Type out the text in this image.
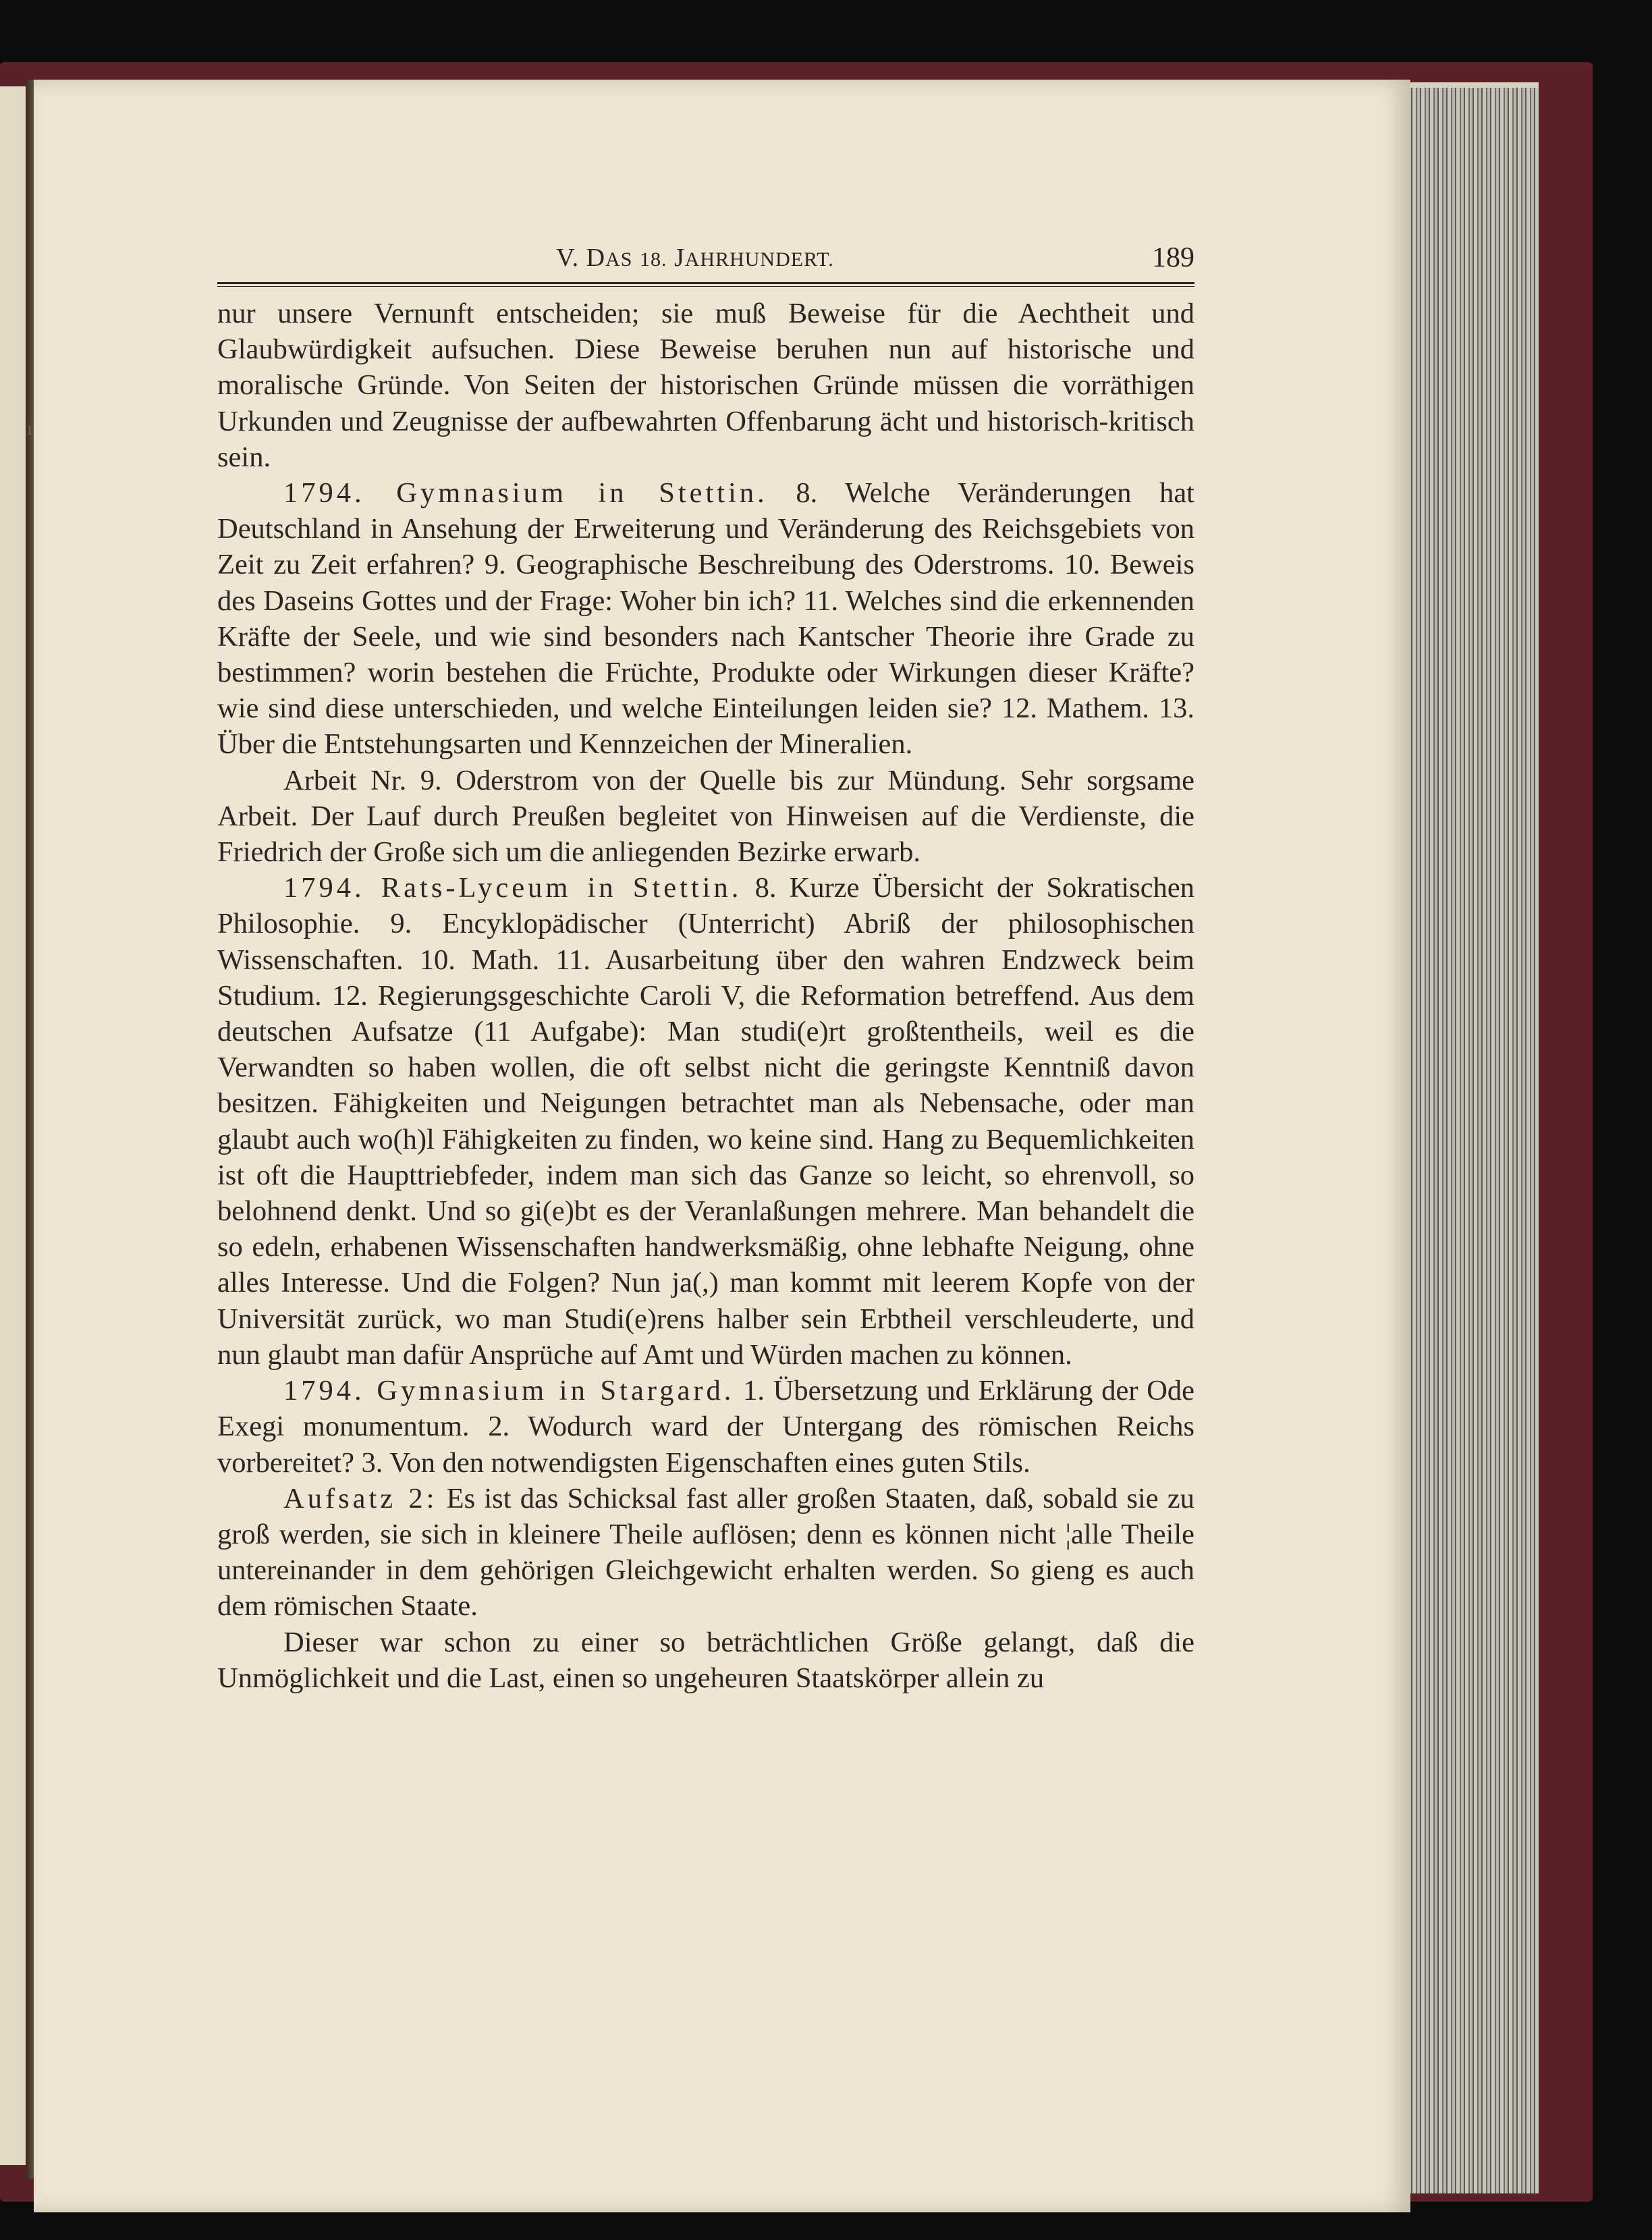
V. DAS 18. JAHRHUNDERT.	189

nur unsere Vernunft entscheiden; sie muß Beweise für die Aechtheit und Glaubwürdigkeit aufsuchen. Diese Beweise beruhen nun auf historische und moralische Gründe. Von Seiten der historischen Gründe müssen die vorräthigen Urkunden und Zeugnisse der aufbewahrten Offenbarung ächt und historisch-kritisch sein.

1794. Gymnasium in Stettin. 8. Welche Veränderungen hat Deutschland in Ansehung der Erweiterung und Veränderung des Reichsgebiets von Zeit zu Zeit erfahren? 9. Geographische Beschreibung des Oderstroms. 10. Beweis des Daseins Gottes und der Frage: Woher bin ich? 11. Welches sind die erkennenden Kräfte der Seele, und wie sind besonders nach Kantscher Theorie ihre Grade zu bestimmen? worin bestehen die Früchte, Produkte oder Wirkungen dieser Kräfte? wie sind diese unterschieden, und welche Einteilungen leiden sie? 12. Mathem. 13. Über die Entstehungsarten und Kennzeichen der Mineralien.

Arbeit Nr. 9. Oderstrom von der Quelle bis zur Mündung. Sehr sorgsame Arbeit. Der Lauf durch Preußen begleitet von Hinweisen auf die Verdienste, die Friedrich der Große sich um die anliegenden Bezirke erwarb.

1794. Rats-Lyceum in Stettin. 8. Kurze Übersicht der Sokratischen Philosophie. 9. Encyklopädischer (Unterricht) Abriß der philosophischen Wissenschaften. 10. Math. 11. Ausarbeitung über den wahren Endzweck beim Studium. 12. Regierungsgeschichte Caroli V, die Reformation betreffend. Aus dem deutschen Aufsatze (11 Aufgabe): Man studi(e)rt großtentheils, weil es die Verwandten so haben wollen, die oft selbst nicht die geringste Kenntniß davon besitzen. Fähigkeiten und Neigungen betrachtet man als Nebensache, oder man glaubt auch wo(h)l Fähigkeiten zu finden, wo keine sind. Hang zu Bequemlichkeiten ist oft die Haupttriebfeder, indem man sich das Ganze so leicht, so ehrenvoll, so belohnend denkt. Und so gi(e)bt es der Veranlaßungen mehrere. Man behandelt die so edeln, erhabenen Wissenschaften handwerksmäßig, ohne lebhafte Neigung, ohne alles Interesse. Und die Folgen? Nun ja(,) man kommt mit leerem Kopfe von der Universität zurück, wo man Studi(e)rens halber sein Erbtheil verschleuderte, und nun glaubt man dafür Ansprüche auf Amt und Würden machen zu können.

1794. Gymnasium in Stargard. 1. Übersetzung und Erklärung der Ode Exegi monumentum. 2. Wodurch ward der Untergang des römischen Reichs vorbereitet? 3. Von den notwendigsten Eigenschaften eines guten Stils.

Aufsatz 2: Es ist das Schicksal fast aller großen Staaten, daß, sobald sie zu groß werden, sie sich in kleinere Theile auflösen; denn es können nicht ¦alle Theile untereinander in dem gehörigen Gleichgewicht erhalten werden. So gieng es auch dem römischen Staate.

Dieser war schon zu einer so beträchtlichen Größe gelangt, daß die Unmöglichkeit und die Last, einen so ungeheuren Staatskörper allein zu

ı
